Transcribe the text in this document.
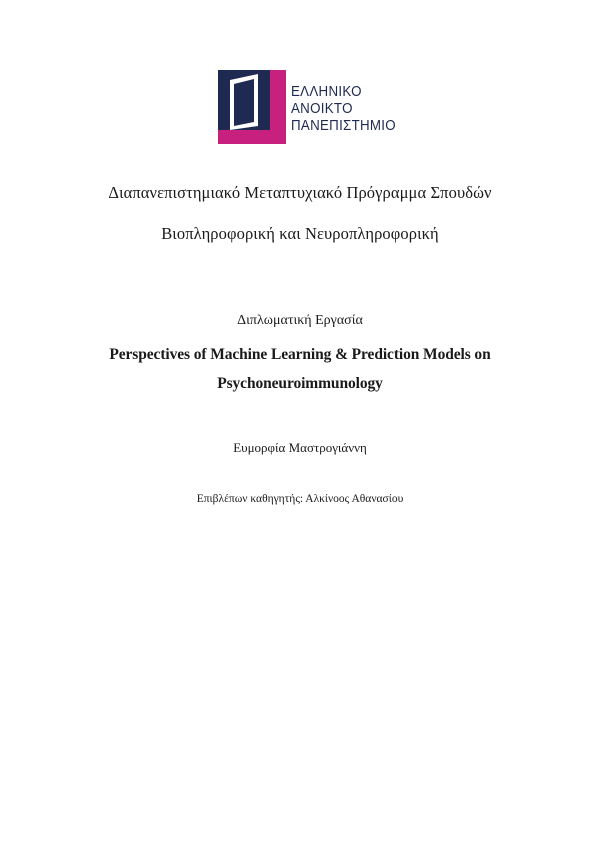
ΕΛΛΗΝΙΚΟ
ΑΝΟΙΚΤΟ
ΠΑΝΕΠΙΣΤΗΜΙΟ
Διαπανεπιστημιακό Μεταπτυχιακό Πρόγραμμα Σπουδών
Βιοπληροφορική και Νευροπληροφορική
Διπλωματική Εργασία
Perspectives of Machine Learning & Prediction Models on
Psychoneuroimmunology
Ευμορφία Μαστρογιάννη
Επιβλέπων καθηγητής: Αλκίνοος Αθανασίου
